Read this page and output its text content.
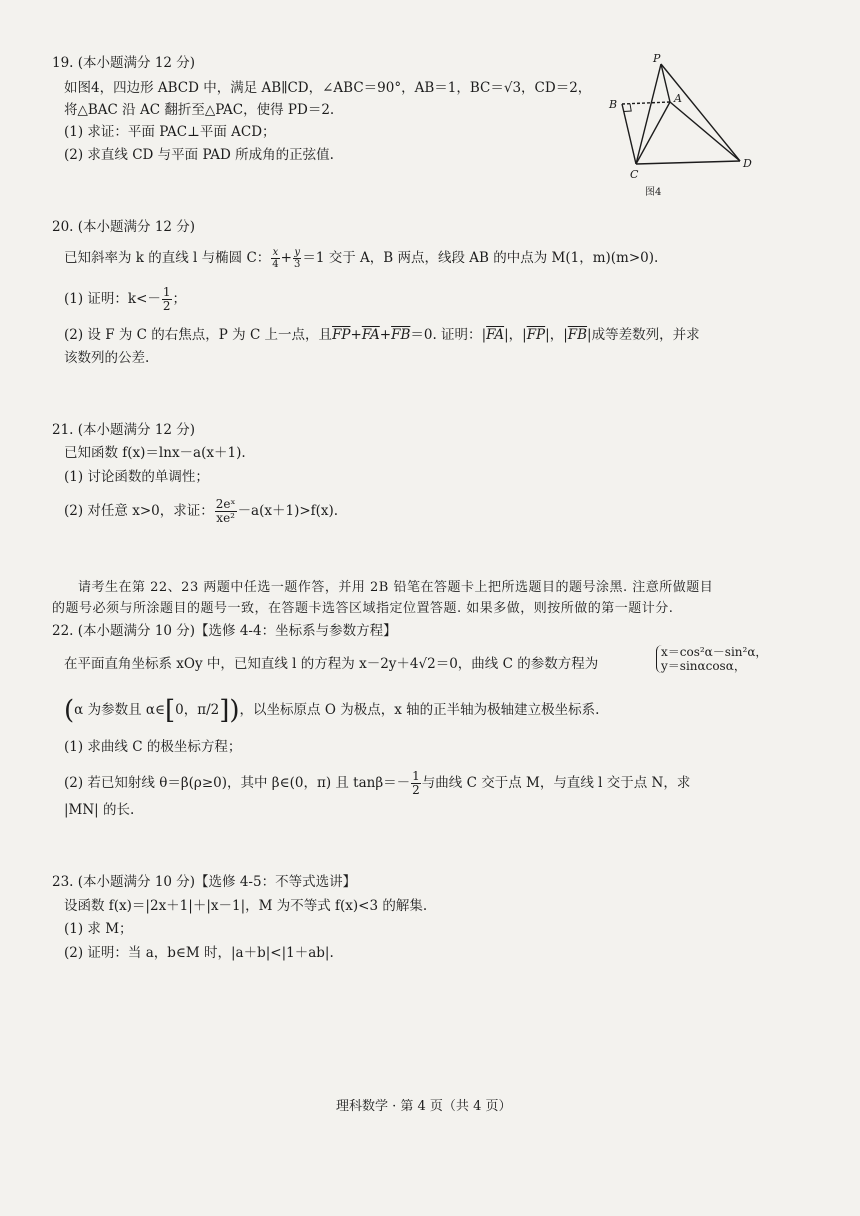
19. (本小题满分 12 分)
如图4，四边形 ABCD 中，满足 AB∥CD，∠ABC＝90°，AB＝1，BC＝√3，CD＝2，
将△BAC 沿 AC 翻折至△PAC，使得 PD＝2.
(1) 求证：平面 PAC⊥平面 ACD；
(2) 求直线 CD 与平面 PAD 所成角的正弦值.
P
A
B
C
D
图4
20. (本小题满分 12 分)
已知斜率为 k 的直线 l 与椭圆 C： $\frac{x}{4} + \frac{y}{3} =1$ 交于 A，B 两点，线段 AB 的中点为 M(1，m)(m>0).
(1) 证明：$k<- \frac{1}{2}$ ；
(2) 设 F 为 C 的右焦点，P 为 C 上一点，且$\overline{FP}+\overline{FA}+\overline{FB}=0$. 证明：$|\overline{FA}|$，$|\overline{FP}|$，$|\overline{FB}|$成等差数列，并求
该数列的公差.
21. (本小题满分 12 分)
已知函数 f(x)＝lnx－a(x＋1).
(1) 讨论函数的单调性；
(2) 对任意 x>0，求证： $\frac{\text{2eˣ}}{\text{xe²}} -a(x+1)>f(x)$.
请考生在第 22、23 两题中任选一题作答，并用 2B 铅笔在答题卡上把所选题目的题号涂黑. 注意所做题目
的题号必须与所涂题目的题号一致，在答题卡选答区域指定位置答题. 如果多做，则按所做的第一题计分.
22. (本小题满分 10 分)【选修 4-4：坐标系与参数方程】
在平面直角坐标系 xOy 中，已知直线 l 的方程为 x－2y＋4√2＝0，曲线 C 的参数方程为
x＝cos²α－sin²α，
y＝sinαcosα，
(α 为参数且 α∈[0，π/2])，以坐标原点 O 为极点，x 轴的正半轴为极轴建立极坐标系.
(1) 求曲线 C 的极坐标方程；
(2) 若已知射线 θ＝β(ρ≥0)，其中 β∈(0，π) 且 $\tan\beta=- \frac{1}{2}$ 与曲线 C 交于点 M，与直线 l 交于点 N，求
|MN| 的长.
23. (本小题满分 10 分)【选修 4-5：不等式选讲】
设函数 f(x)＝|2x＋1|＋|x－1|，M 为不等式 f(x)<3 的解集.
(1) 求 M；
(2) 证明：当 a，b∈M 时，|a＋b|<|1＋ab|.
理科数学 · 第 4 页（共 4 页）
